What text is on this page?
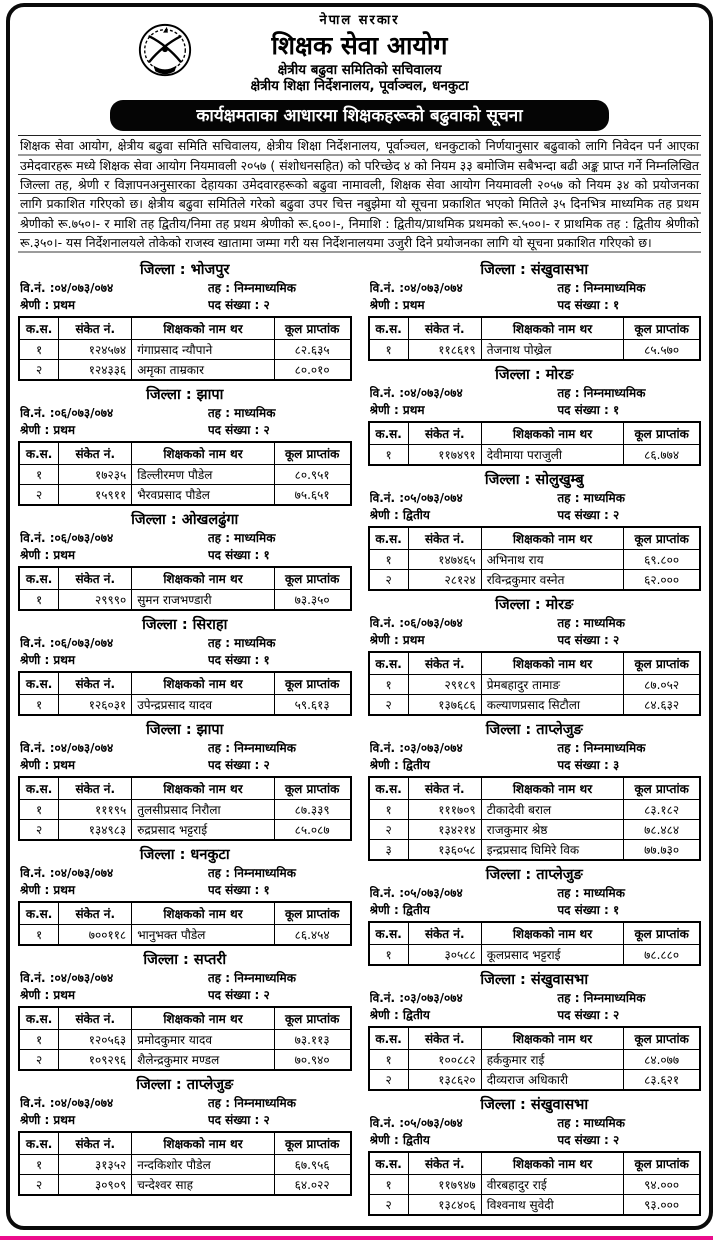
नेपाल सरकार
शिक्षक सेवा आयोग
क्षेत्रीय बढुवा समितिको सचिवालय
क्षेत्रीय शिक्षा निर्देशनालय, पूर्वाञ्चल, धनकुटा
कार्यक्षमताका आधारमा शिक्षकहरूको बढुवाको सूचना
शिक्षक सेवा आयोग, क्षेत्रीय बढुवा समिति सचिवालय, क्षेत्रीय शिक्षा निर्देशनालय, पूर्वाञ्चल, धनकुटाको निर्णयानुसार बढुवाको लागि निवेदन पर्न आएका उमेदवारहरू मध्ये शिक्षक सेवा आयोग नियमावली २०५७ ( संशोधनसहित) को परिच्छेद ४ को नियम ३३ बमोजिम सबैभन्दा बढी अङ्क प्राप्त गर्ने निम्नलिखित जिल्ला तह, श्रेणी र विज्ञापनअनुसारका देहायका उमेदवारहरूको बढुवा नामावली, शिक्षक सेवा आयोग नियमावली २०५७ को नियम ३४ को प्रयोजनका लागि प्रकाशित गरिएको छ। क्षेत्रीय बढुवा समितिले गरेको बढुवा उपर चित्त नबुझेमा यो सूचना प्रकाशित भएको मितिले ३५ दिनभित्र माध्यमिक तह प्रथम श्रेणीको रू.७५०।- र माशि तह द्वितीय/निमा तह प्रथम श्रेणीको रू.६००।-, निमाशि : द्वितीय/प्राथमिक प्रथमको रू.५००।- र प्राथमिक तह : द्वितीय श्रेणीको रू.३५०।- यस निर्देशनालयले तोकेको राजस्व खातामा जम्मा गरी यस निर्देशनालयमा उजुरी दिने प्रयोजनका लागि यो सूचना प्रकाशित गरिएको छ।
जिल्ला : भोजपुर
वि.नं. :०४/०७३/०७४	तह : निम्नमाध्यमिक
श्रेणी : प्रथम	पद संख्या : २
क.स.	संकेत नं.	शिक्षकको नाम थर	कूल प्राप्तांक
१	१२४५७४	गंगाप्रसाद न्यौपाने	८२.६३५
२	१२४३३६	अमृका ताम्रकार	८०.०१०
जिल्ला : झापा
वि.नं. :०६/०७३/०७४	तह : माध्यमिक
श्रेणी : प्रथम	पद संख्या : २
क.स.	संकेत नं.	शिक्षकको नाम थर	कूल प्राप्तांक
१	१७२३५	डिल्लीरमण पौडेल	८०.९५१
२	१५९११	भैरवप्रसाद पौडेल	७५.६५१
जिल्ला : ओखलढुंगा
वि.नं. :०६/०७३/०७४	तह : माध्यमिक
श्रेणी : प्रथम	पद संख्या : १
क.स.	संकेत नं.	शिक्षकको नाम थर	कूल प्राप्तांक
१	२९९९०	सुमन राजभण्डारी	७३.३५०
जिल्ला : सिराहा
वि.नं. :०६/०७३/०७४	तह : माध्यमिक
श्रेणी : प्रथम	पद संख्या : १
क.स.	संकेत नं.	शिक्षकको नाम थर	कूल प्राप्तांक
१	१२६०३१	उपेन्द्रप्रसाद यादव	५९.६१३
जिल्ला : झापा
वि.नं. :०४/०७३/०७४	तह : निम्नमाध्यमिक
श्रेणी : प्रथम	पद संख्या : २
क.स.	संकेत नं.	शिक्षकको नाम थर	कूल प्राप्तांक
१	१११९५	तुलसीप्रसाद निरौला	८७.३३९
२	१३४९८३	रुद्रप्रसाद भट्टराई	८५.०८७
जिल्ला : धनकुटा
वि.नं. :०४/०७३/०७४	तह : निम्नमाध्यमिक
श्रेणी : प्रथम	पद संख्या : १
क.स.	संकेत नं.	शिक्षकको नाम थर	कूल प्राप्तांक
१	७००११८	भानुभक्त पौडेल	८६.४५४
जिल्ला : सप्तरी
वि.नं. :०४/०७३/०७४	तह : निम्नमाध्यमिक
श्रेणी : प्रथम	पद संख्या : २
क.स.	संकेत नं.	शिक्षकको नाम थर	कूल प्राप्तांक
१	१२०५६३	प्रमोदकुमार यादव	७३.११३
२	१०९२९६	शैलेन्द्रकुमार मण्डल	७०.९४०
जिल्ला : ताप्लेजुङ
वि.नं. :०४/०७३/०७४	तह : निम्नमाध्यमिक
श्रेणी : प्रथम	पद संख्या : २
क.स.	संकेत नं.	शिक्षकको नाम थर	कूल प्राप्तांक
१	३१३५२	नन्दकिशोर पौडेल	६७.९५६
२	३०९०९	चन्देश्वर साह	६४.०२२
जिल्ला : संखुवासभा
वि.नं. :०४/०७३/०७४	तह : निम्नमाध्यमिक
श्रेणी : प्रथम	पद संख्या : १
क.स.	संकेत नं.	शिक्षकको नाम थर	कूल प्राप्तांक
१	११८६१९	तेजनाथ पोख्रेल	८५.५७०
जिल्ला : मोरङ
वि.नं. :०४/०७३/०७४	तह : निम्नमाध्यमिक
श्रेणी : प्रथम	पद संख्या : १
क.स.	संकेत नं.	शिक्षकको नाम थर	कूल प्राप्तांक
१	११७४९१	देवीमाया पराजुली	८६.७७४
जिल्ला : सोलुखुम्बु
वि.नं. :०५/०७३/०७४	तह : माध्यमिक
श्रेणी : द्वितीय	पद संख्या : २
क.स.	संकेत नं.	शिक्षकको नाम थर	कूल प्राप्तांक
१	१४७४६५	अभिनाथ राय	६९.८००
२	२८१२४	रविन्द्रकुमार वस्नेत	६२.०००
जिल्ला : मोरङ
वि.नं. :०६/०७३/०७४	तह : माध्यमिक
श्रेणी : प्रथम	पद संख्या : २
क.स.	संकेत नं.	शिक्षकको नाम थर	कूल प्राप्तांक
१	२९१८९	प्रेमबहादुर तामाङ	८७.०५२
२	१३७६८६	कल्याणप्रसाद सिटौला	८४.६३२
जिल्ला : ताप्लेजुङ
वि.नं. :०३/०७३/०७४	तह : निम्नमाध्यमिक
श्रेणी : द्वितीय	पद संख्या : ३
क.स.	संकेत नं.	शिक्षकको नाम थर	कूल प्राप्तांक
१	१११७०९	टीकादेवी बराल	८३.१८२
२	१३४२१४	राजकुमार श्रेष्ठ	७८.४८४
३	१३६०५८	इन्द्रप्रसाद घिमिरे विक	७७.७३०
जिल्ला : ताप्लेजुङ
वि.नं. :०५/०७३/०७४	तह : माध्यमिक
श्रेणी : द्वितीय	पद संख्या : १
क.स.	संकेत नं.	शिक्षकको नाम थर	कूल प्राप्तांक
१	३०५८८	कूलप्रसाद भट्टराई	७८.८८०
जिल्ला : संखुवासभा
वि.नं. :०३/०७३/०७४	तह : निम्नमाध्यमिक
श्रेणी : द्वितीय	पद संख्या : २
क.स.	संकेत नं.	शिक्षकको नाम थर	कूल प्राप्तांक
१	१००८८२	हर्ककुमार राई	८४.०७७
२	१३८६२०	दीव्यराज अधिकारी	८३.६२१
जिल्ला : संखुवासभा
वि.नं. :०५/०७३/०७४	तह : माध्यमिक
श्रेणी : द्वितीय	पद संख्या : २
क.स.	संकेत नं.	शिक्षकको नाम थर	कूल प्राप्तांक
१	११७९४७	वीरबहादुर राई	९४.०००
२	१३८४०६	विश्वनाथ सुवेदी	९३.०००
